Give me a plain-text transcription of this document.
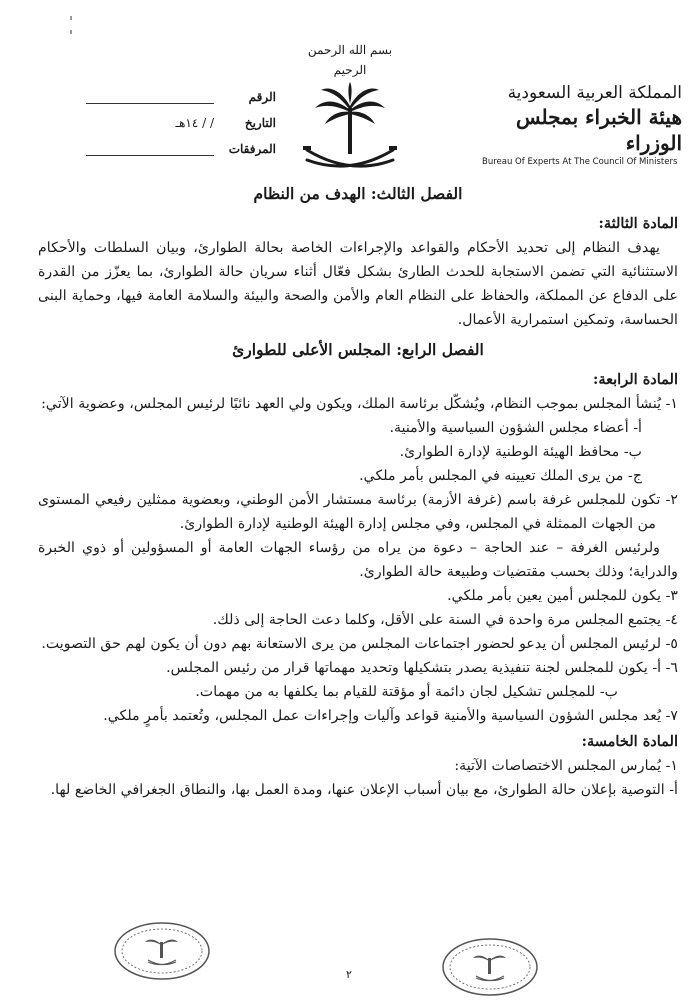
المملكة العربية السعودية
هيئة الخبراء بمجلس الوزراء
Bureau Of Experts At The Council Of Ministers
بسم الله الرحمن الرحيم
الرقم
التاريخ
/ / ١٤هـ
المرفقات
الفصل الثالث: الهدف من النظام
المادة الثالثة:

يهدف النظام إلى تحديد الأحكام والقواعد والإجراءات الخاصة بحالة الطوارئ، وبيان السلطات والأحكام الاستثنائية التي تضمن الاستجابة للحدث الطارئ بشكل فعّال أثناء سريان حالة الطوارئ، بما يعزّز من القدرة على الدفاع عن المملكة، والحفاظ على النظام العام والأمن والصحة والبيئة والسلامة العامة فيها، وحماية البنى الحساسة، وتمكين استمرارية الأعمال.

الفصل الرابع: المجلس الأعلى للطوارئ
المادة الرابعة:

١- يُنشأ المجلس بموجب النظام، ويُشكّل برئاسة الملك، ويكون ولي العهد نائبًا لرئيس المجلس، وعضوية الآتي:

أ- أعضاء مجلس الشؤون السياسية والأمنية.

ب- محافظ الهيئة الوطنية لإدارة الطوارئ.

ج- من يرى الملك تعيينه في المجلس بأمر ملكي.

٢- تكون للمجلس غرفة باسم (غرفة الأزمة) برئاسة مستشار الأمن الوطني، وبعضوية ممثلين رفيعي المستوى من الجهات الممثلة في المجلس، وفي مجلس إدارة الهيئة الوطنية لإدارة الطوارئ.

ولرئيس الغرفة – عند الحاجة – دعوة من يراه من رؤساء الجهات العامة أو المسؤولين أو ذوي الخبرة والدراية؛ وذلك بحسب مقتضيات وطبيعة حالة الطوارئ.

٣- يكون للمجلس أمين يعين بأمر ملكي.

٤- يجتمع المجلس مرة واحدة في السنة على الأقل، وكلما دعت الحاجة إلى ذلك.

٥- لرئيس المجلس أن يدعو لحضور اجتماعات المجلس من يرى الاستعانة بهم دون أن يكون لهم حق التصويت.

٦- أ- يكون للمجلس لجنة تنفيذية يصدر بتشكيلها وتحديد مهماتها قرار من رئيس المجلس.

ب- للمجلس تشكيل لجان دائمة أو مؤقتة للقيام بما يكلفها به من مهمات.

٧- يُعد مجلس الشؤون السياسية والأمنية قواعد وآليات وإجراءات عمل المجلس، وتُعتمد بأمرٍ ملكي.

المادة الخامسة:

١- يُمارس المجلس الاختصاصات الآتية:

أ- التوصية بإعلان حالة الطوارئ، مع بيان أسباب الإعلان عنها، ومدة العمل بها، والنطاق الجغرافي الخاضع لها.

٢
